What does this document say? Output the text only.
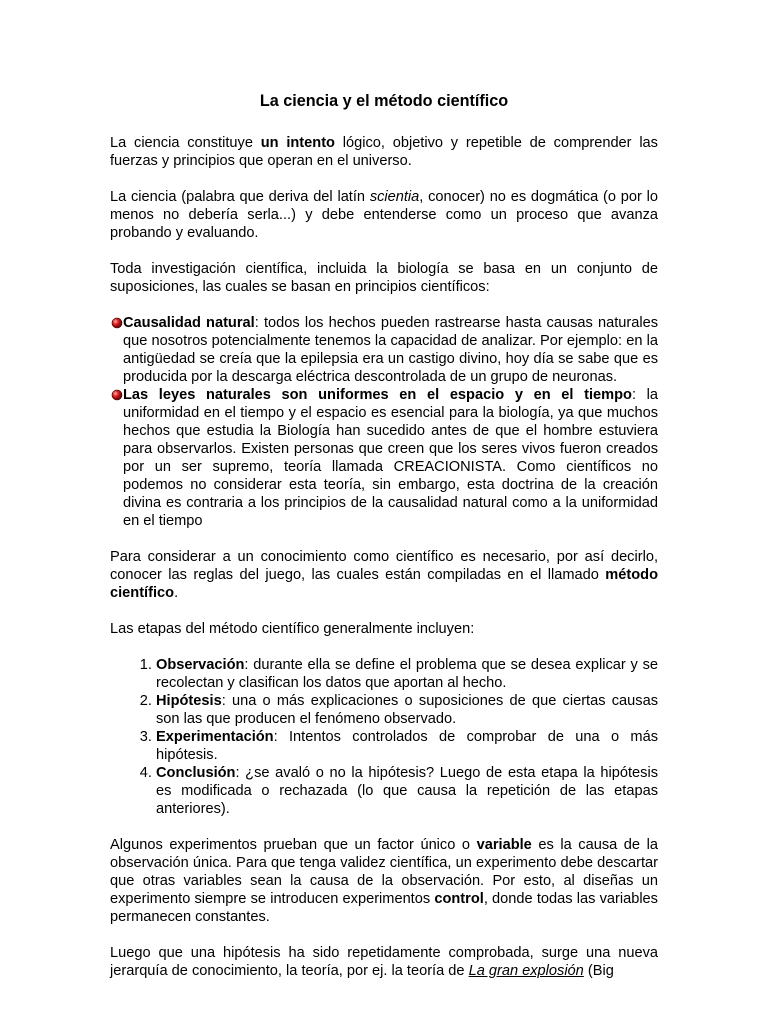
La ciencia y el método científico

La ciencia constituye un intento lógico, objetivo y repetible de comprender las fuerzas y principios que operan en el universo.

La ciencia (palabra que deriva del latín scientia, conocer) no es dogmática (o por lo menos no debería serla...) y debe entenderse como un proceso que avanza probando y evaluando.

Toda investigación científica, incluida la biología se basa en un conjunto de suposiciones, las cuales se basan en principios científicos:

Causalidad natural: todos los hechos pueden rastrearse hasta causas naturales que nosotros potencialmente tenemos la capacidad de analizar. Por ejemplo: en la antigüedad se creía que la epilepsia era un castigo divino, hoy día se sabe que es producida por la descarga eléctrica descontrolada de un grupo de neuronas.
Las leyes naturales son uniformes en el espacio y en el tiempo: la uniformidad en el tiempo y el espacio es esencial para la biología, ya que muchos hechos que estudia la Biología han sucedido antes de que el hombre estuviera para observarlos. Existen personas que creen que los seres vivos fueron creados por un ser supremo, teoría llamada CREACIONISTA. Como científicos no podemos no considerar esta teoría, sin embargo, esta doctrina de la creación divina es contraria a los principios de la causalidad natural como a la uniformidad en el tiempo

Para considerar a un conocimiento como científico es necesario, por así decirlo, conocer las reglas del juego, las cuales están compiladas en el llamado método científico.

Las etapas del método científico generalmente incluyen:

1. Observación: durante ella se define el problema que se desea explicar y se recolectan y clasifican los datos que aportan al hecho.
2. Hipótesis: una o más explicaciones o suposiciones de que ciertas causas son las que producen el fenómeno observado.
3. Experimentación: Intentos controlados de comprobar de una o más hipótesis.
4. Conclusión: ¿se avaló o no la hipótesis? Luego de esta etapa la hipótesis es modificada o rechazada (lo que causa la repetición de las etapas anteriores).

Algunos experimentos prueban que un factor único o variable es la causa de la observación única. Para que tenga validez científica, un experimento debe descartar que otras variables sean la causa de la observación. Por esto, al diseñas un experimento siempre se introducen experimentos control, donde todas las variables permanecen constantes.

Luego que una hipótesis ha sido repetidamente comprobada, surge una nueva jerarquía de conocimiento, la teoría, por ej. la teoría de La gran explosión (Big
